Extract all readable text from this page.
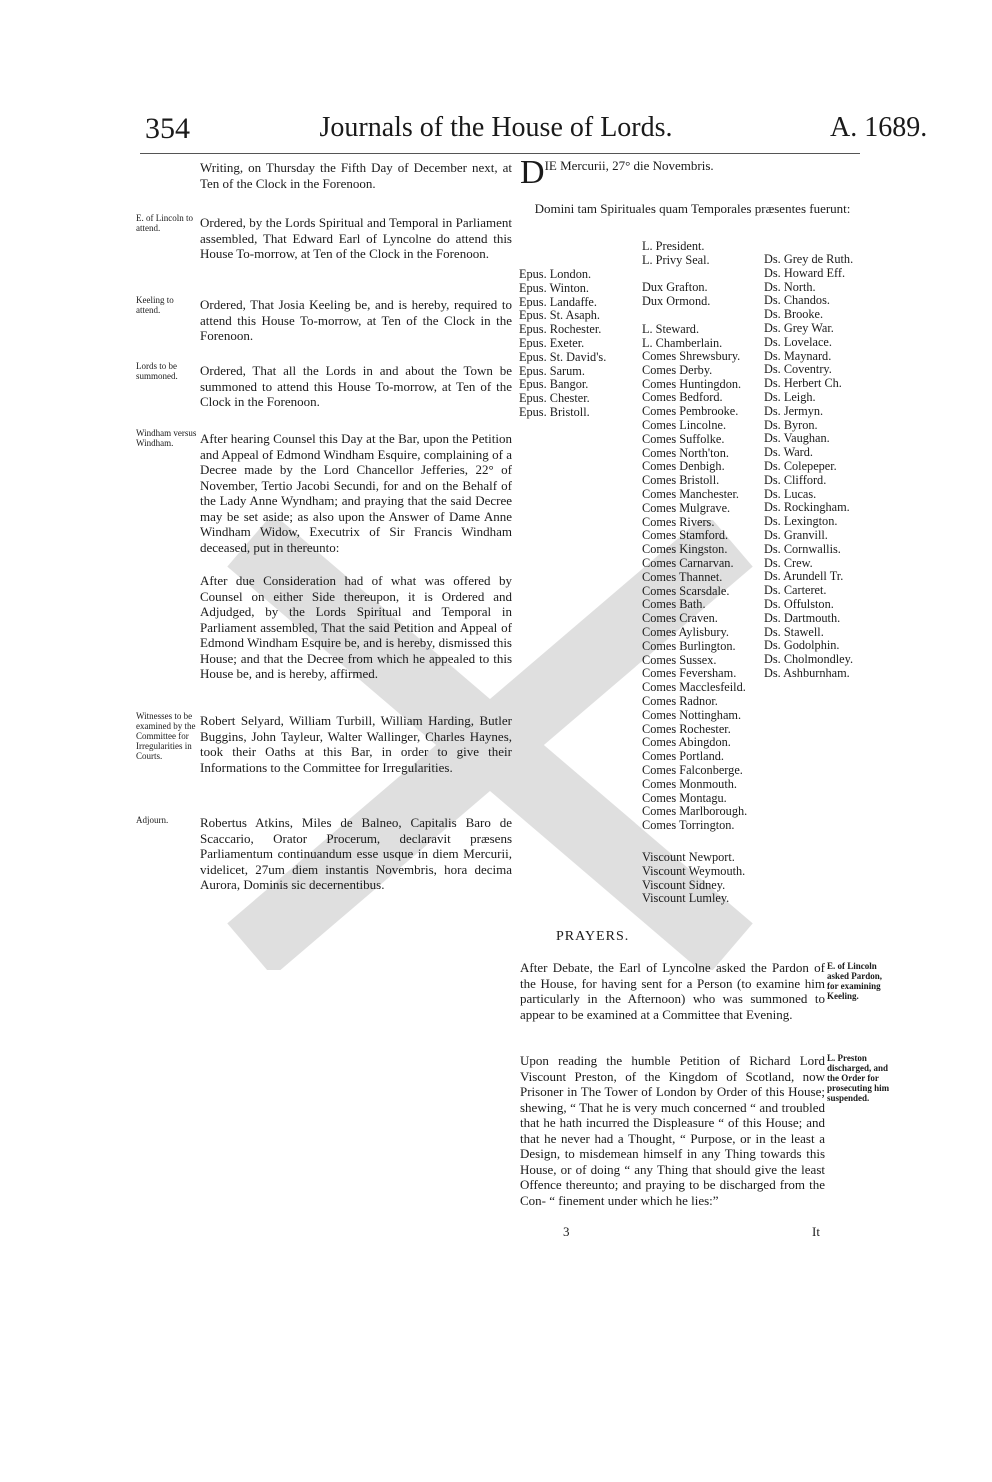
354	Journals of the House of Lords.	A. 1689.
Writing, on Thursday the Fifth Day of December next, at Ten of the Clock in the Forenoon.
E. of Lincoln to attend.	Ordered, by the Lords Spiritual and Temporal in Parliament assembled, That Edward Earl of Lyncolne do attend this House To-morrow, at Ten of the Clock in the Forenoon.
Keeling to attend.	Ordered, That Josia Keeling be, and is hereby, required to attend this House To-morrow, at Ten of the Clock in the Forenoon.
Lords to be summoned.	Ordered, That all the Lords in and about the Town be summoned to attend this House To-morrow, at Ten of the Clock in the Forenoon.
Windham versus Windham.	After hearing Counsel this Day at the Bar, upon the Petition and Appeal of Edmond Windham Esquire, complaining of a Decree made by the Lord Chancellor Jefferies, 22° of November, Tertio Jacobi Secundi, for and on the Behalf of the Lady Anne Wyndham; and praying that the said Decree may be set aside; as also upon the Answer of Dame Anne Windham Widow, Executrix of Sir Francis Windham deceased, put in thereunto:
After due Consideration had of what was offered by Counsel on either Side thereupon, it is Ordered and Adjudged, by the Lords Spiritual and Temporal in Parliament assembled, That the said Petition and Appeal of Edmond Windham Esquire be, and is hereby, dismissed this House; and that the Decree from which he appealed to this House be, and is hereby, affirmed.
Witnesses to be examined by the Committee for Irregularities in Courts.
Robert Selyard, William Turbill, William Harding, Butler Buggins, John Tayleur, Walter Wallinger, Charles Haynes, took their Oaths at this Bar, in order to give their Informations to the Committee for Irregularities.
Adjourn.	Robertus Atkins, Miles de Balneo, Capitalis Baro de Scaccario, Orator Procerum, declaravit præsens Parliamentum continuandum esse usque in diem Mercurii, videlicet, 27um diem instantis Novembris, hora decima Aurora, Dominis sic decernentibus.
$D^{IE Mercurii, 27^\circ die Novembris.}$
Domini tam Spirituales quam Temporales præsentes fuerunt:
Epus. London.
Epus. Winton.
Epus. Landaffe.
Epus. St. Asaph.
Epus. Rochester.
Epus. Exeter.
Epus. St. David's.
Epus. Sarum.
Epus. Bangor.
Epus. Chester.
Epus. Bristoll.
L. President.
L. Privy Seal.

Dux Grafton.
Dux Ormond.

L. Steward.
L. Chamberlain.
Comes Shrewsbury.
Comes Derby.
Comes Huntingdon.
Comes Bedford.
Comes Pembrooke.
Comes Lincolne.
Comes Suffolke.
Comes North'ton.
Comes Denbigh.
Comes Bristoll.
Comes Manchester.
Comes Mulgrave.
Comes Rivers.
Comes Stamford.
Comes Kingston.
Comes Carnarvan.
Comes Thannet.
Comes Scarsdale.
Comes Bath.
Comes Craven.
Comes Aylisbury.
Comes Burlington.
Comes Sussex.
Comes Feversham.
Comes Macclesfeild.
Comes Radnor.
Comes Nottingham.
Comes Rochester.
Comes Abingdon.
Comes Portland.
Comes Falconberge.
Comes Monmouth.
Comes Montagu.
Comes Marlborough.
Comes Torrington.
Viscount Newport.
Viscount Weymouth.
Viscount Sidney.
Viscount Lumley.
Ds. Grey de Ruth.
Ds. Howard Eff.
Ds. North.
Ds. Chandos.
Ds. Brooke.
Ds. Grey War.
Ds. Lovelace.
Ds. Maynard.
Ds. Coventry.
Ds. Herbert Ch.
Ds. Leigh.
Ds. Jermyn.
Ds. Byron.
Ds. Vaughan.
Ds. Ward.
Ds. Colepeper.
Ds. Clifford.
Ds. Lucas.
Ds. Rockingham.
Ds. Lexington.
Ds. Granvill.
Ds. Cornwallis.
Ds. Crew.
Ds. Arundell Tr.
Ds. Carteret.
Ds. Offulston.
Ds. Dartmouth.
Ds. Stawell.
Ds. Godolphin.
Ds. Cholmondley.
Ds. Ashburnham.
PRAYERS.
After Debate, the Earl of Lyncolne asked the Pardon of the House, for having sent for a Person (to examine him particularly in the Afternoon) who was summoned to appear to be examined at a Committee that Evening.
E. of Lincoln asked Pardon, for examining Keeling.
Upon reading the humble Petition of Richard Lord Viscount Preston, of the Kingdom of Scotland, now Prisoner in The Tower of London by Order of this House; shewing, “ That he is very much concerned “ and troubled that he hath incurred the Displeasure “ of this House; and that he never had a Thought, “ Purpose, or in the least a Design, to misdemean himself in any Thing towards this House, or of doing “ any Thing that should give the least Offence thereunto; and praying to be discharged from the Con- “ finement under which he lies:”
L. Preston discharged, and the Order for prosecuting him suspended.
3	It
